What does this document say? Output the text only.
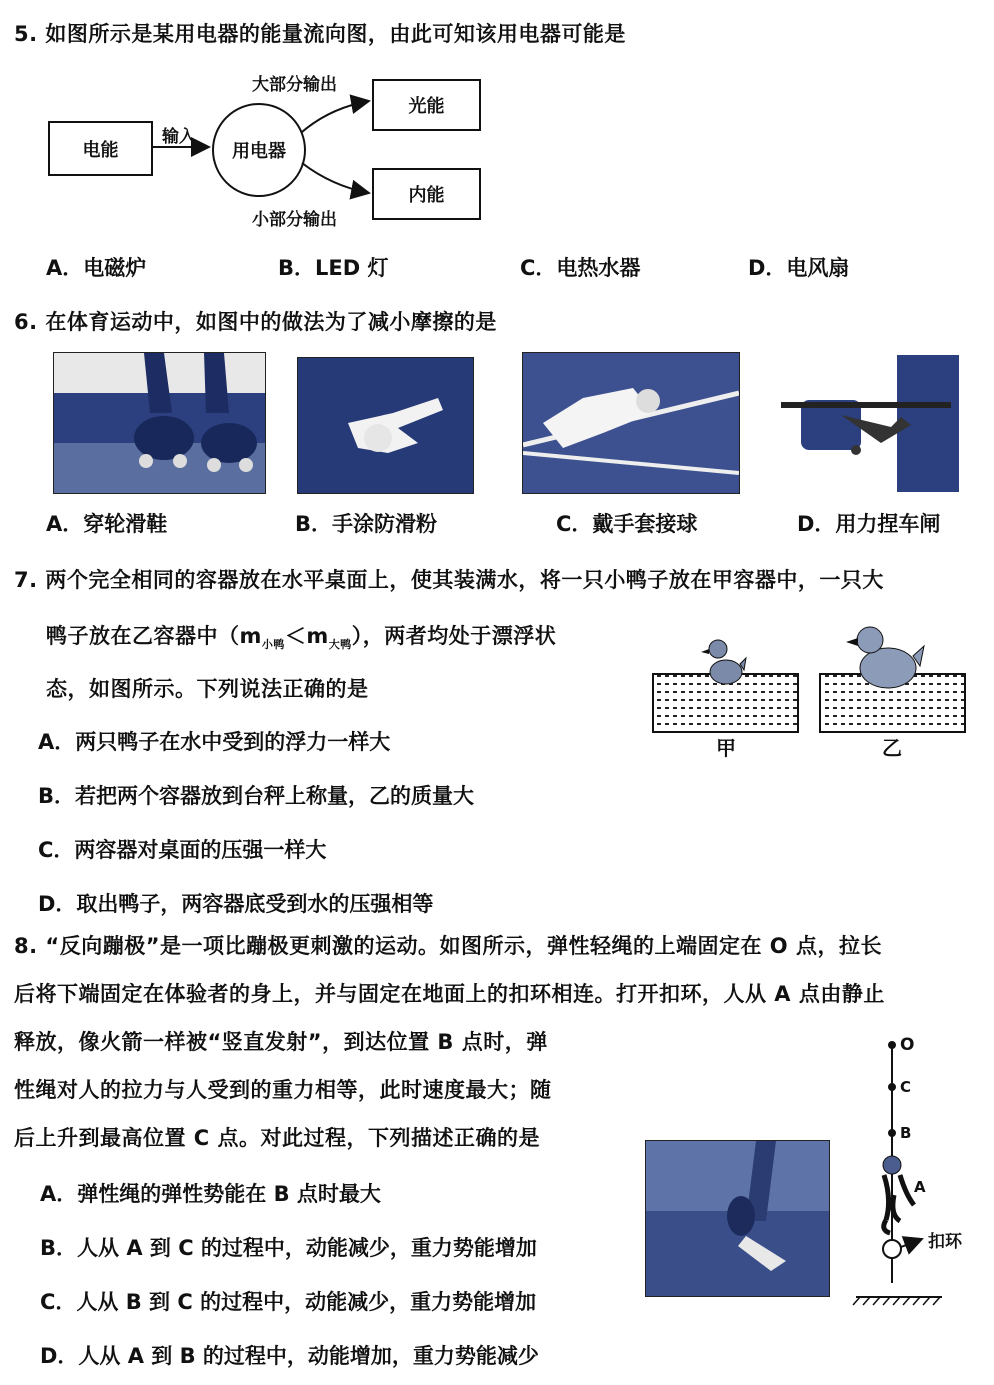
5. 如图所示是某用电器的能量流向图，由此可知该用电器可能是
电能
输入
用电器
大部分输出
小部分输出
光能
内能
A．电磁炉	B．LED 灯	C．电热水器	D．电风扇
6. 在体育运动中，如图中的做法为了减小摩擦的是
A．穿轮滑鞋	B．手涂防滑粉	C．戴手套接球	D．用力捏车闸
7. 两个完全相同的容器放在水平桌面上，使其装满水，将一只小鸭子放在甲容器中，一只大
鸭子放在乙容器中$(m_{小鸭}<m_{大鸭})$，两者均处于漂浮状
态，如图所示。下列说法正确的是
甲	乙
A．两只鸭子在水中受到的浮力一样大
B．若把两个容器放到台秤上称量，乙的质量大
C．两容器对桌面的压强一样大
D．取出鸭子，两容器底受到水的压强相等
8. “反向蹦极”是一项比蹦极更刺激的运动。如图所示，弹性轻绳的上端固定在 O 点，拉长
后将下端固定在体验者的身上，并与固定在地面上的扣环相连。打开扣环，人从 A 点由静止
释放，像火箭一样被“竖直发射”，到达位置 B 点时，弹
性绳对人的拉力与人受到的重力相等，此时速度最大；随
后上升到最高位置 C 点。对此过程，下列描述正确的是
A．弹性绳的弹性势能在 B 点时最大
B．人从 A 到 C 的过程中，动能减少，重力势能增加
C．人从 B 到 C 的过程中，动能减少，重力势能增加
D．人从 A 到 B 的过程中，动能增加，重力势能减少
O
C
B
A
扣环
